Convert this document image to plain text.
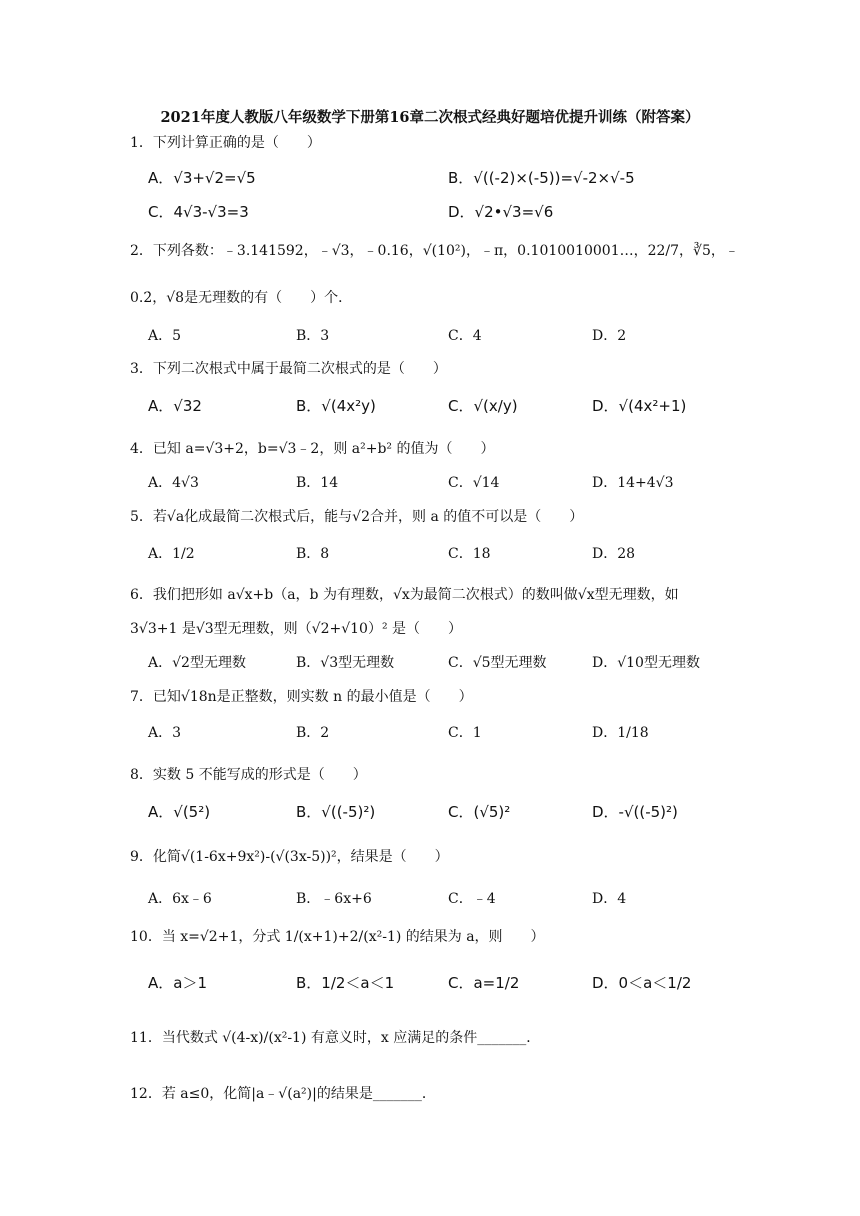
2021年度人教版八年级数学下册第16章二次根式经典好题培优提升训练（附答案）
1．下列计算正确的是（　　）
A．√3+√2=√5	B．√((-2)×(-5))=√-2×√-5
C．4√3-√3=3	D．√2•√3=√6
2．下列各数：﹣3.141592，﹣√3，﹣0.16，√(10²)，﹣π，0.1010010001…，22/7，∛5，﹣
0.2̇，√8是无理数的有（　　）个．
A．5	B．3	C．4	D．2
3．下列二次根式中属于最简二次根式的是（　　）
A．√32	B．√(4x²y)	C．√(x/y)	D．√(4x²+1)
4．已知 a=√3+2，b=√3﹣2，则 a²+b² 的值为（　　）
A．4√3	B．14	C．√14	D．14+4√3
5．若√a化成最简二次根式后，能与√2合并，则 a 的值不可以是（　　）
A．1/2	B．8	C．18	D．28
6．我们把形如 a√x+b（a，b 为有理数，√x为最简二次根式）的数叫做√x型无理数，如
3√3+1 是√3型无理数，则（√2+√10）² 是（　　）
A．√2型无理数	B．√3型无理数	C．√5型无理数	D．√10型无理数
7．已知√18n是正整数，则实数 n 的最小值是（　　）
A．3	B．2	C．1	D．1/18
8．实数 5 不能写成的形式是（　　）
A．√(5²)	B．√((-5)²)	C．(√5)²	D．-√((-5)²)
9．化简√(1-6x+9x²)-(√(3x-5))²，结果是（　　）
A．6x﹣6	B．﹣6x+6	C．﹣4	D．4
10．当 x=√2+1，分式 1/(x+1)+2/(x²-1) 的结果为 a，则　　）
A．a＞1	B．1/2＜a＜1	C．a=1/2	D．0＜a＜1/2
11．当代数式 √(4-x)/(x²-1) 有意义时，x 应满足的条件_______．
12．若 a≤0，化简|a﹣√(a²)|的结果是_______．
